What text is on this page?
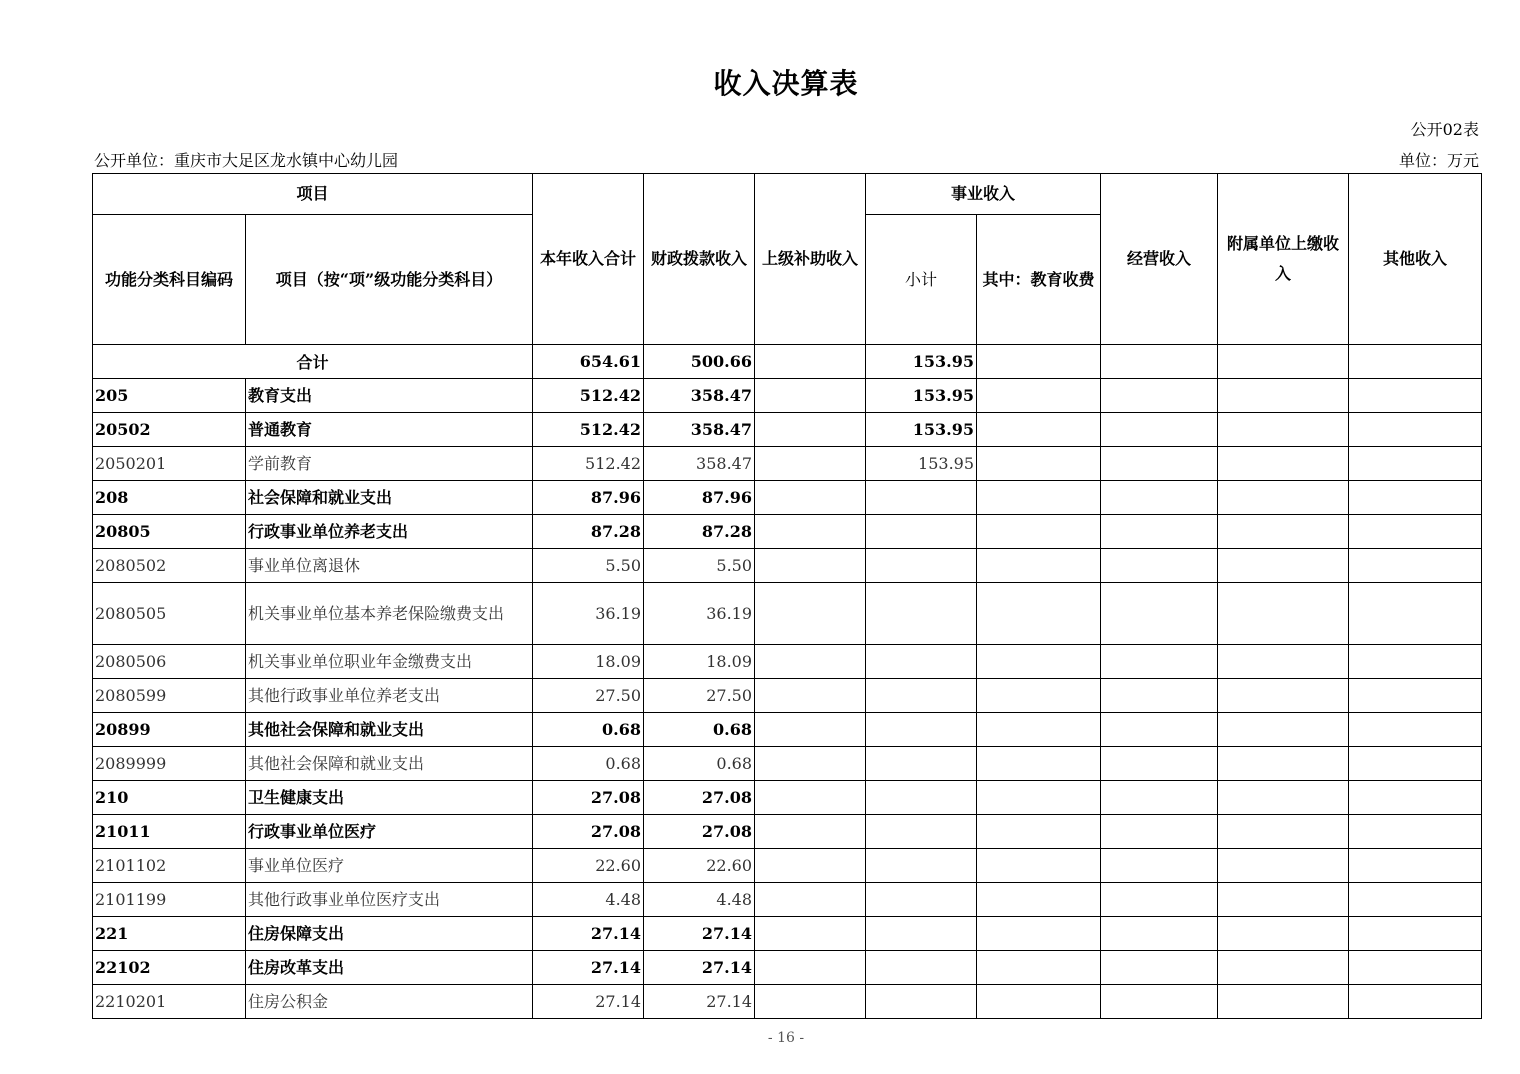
收入决算表
公开02表
公开单位：重庆市大足区龙水镇中心幼儿园	单位：万元
项目		本年收入合计	财政拨款收入	上级补助收入	事业收入		经营收入	附属单位上缴收入	其他收入
功能分类科目编码	项目（按“项”级功能分类科目）				小计	其中：教育收费			
合计		654.61	500.66		153.95				
205	教育支出	512.42	358.47		153.95				
20502	普通教育	512.42	358.47		153.95				
2050201	学前教育	512.42	358.47		153.95				
208	社会保障和就业支出	87.96	87.96						
20805	行政事业单位养老支出	87.28	87.28						
2080502	事业单位离退休	5.50	5.50						
2080505	机关事业单位基本养老保险缴费支出	36.19	36.19						
2080506	机关事业单位职业年金缴费支出	18.09	18.09						
2080599	其他行政事业单位养老支出	27.50	27.50						
20899	其他社会保障和就业支出	0.68	0.68						
2089999	其他社会保障和就业支出	0.68	0.68						
210	卫生健康支出	27.08	27.08						
21011	行政事业单位医疗	27.08	27.08						
2101102	事业单位医疗	22.60	22.60						
2101199	其他行政事业单位医疗支出	4.48	4.48						
221	住房保障支出	27.14	27.14						
22102	住房改革支出	27.14	27.14						
2210201	住房公积金	27.14	27.14						
- 16 -
